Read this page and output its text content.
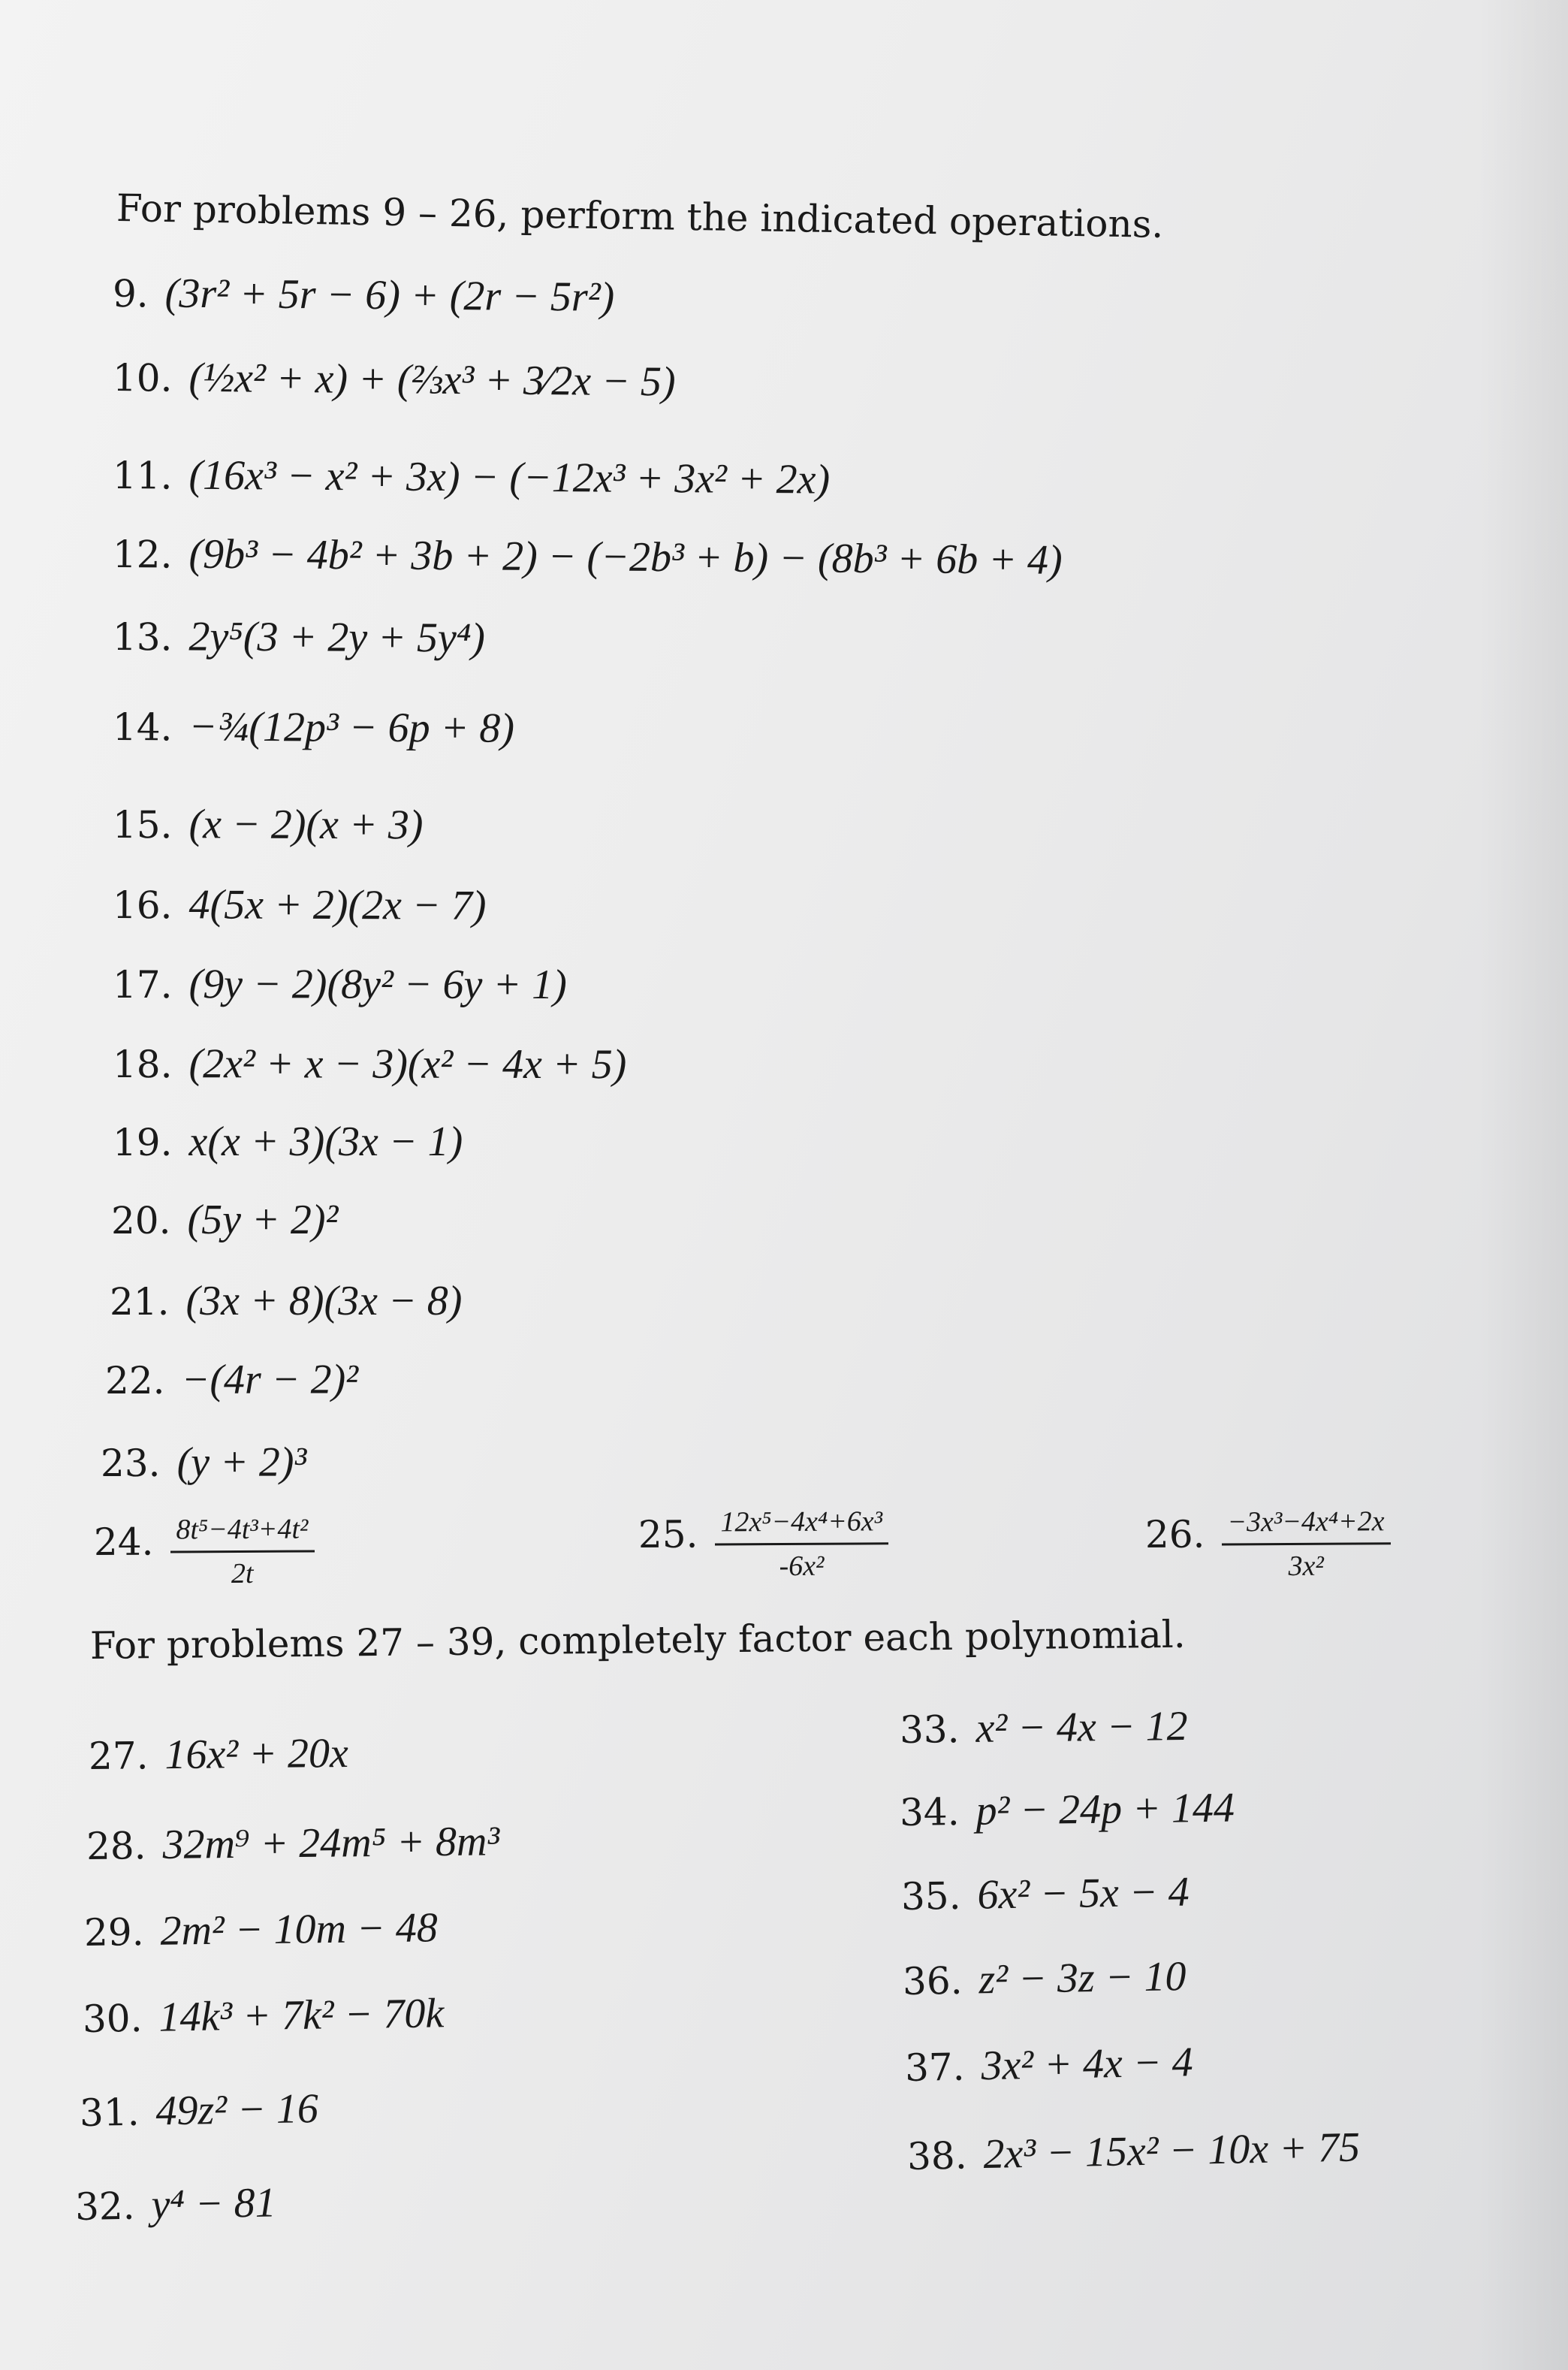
For problems 9 – 26, perform the indicated operations.
9. (3r² + 5r − 6) + (2r − 5r²)
10. (½x² + x) + (⅔x³ + 3⁄2x − 5)
11. (16x³ − x² + 3x) − (−12x³ + 3x² + 2x)
12. (9b³ − 4b² + 3b + 2) − (−2b³ + b) − (8b³ + 6b + 4)
13. 2y⁵(3 + 2y + 5y⁴)
14. −¾(12p³ − 6p + 8)
15. (x − 2)(x + 3)
16. 4(5x + 2)(2x − 7)
17. (9y − 2)(8y² − 6y + 1)
18. (2x² + x − 3)(x² − 4x + 5)
19. x(x + 3)(3x − 1)
20. (5y + 2)²
21. (3x + 8)(3x − 8)
22. −(4r − 2)²
23. (y + 2)³
24. $\frac{\text{8t⁵−4t³+4t²}}{2t}$	25. $\frac{\text{12x⁵−4x⁴+6x³}}{\text{-6x²}}$	26. $\frac{\text{−3x³−4x⁴+2x}}{\text{3x²}}$
For problems 27 – 39, completely factor each polynomial.
27. 16x² + 20x
28. 32m⁹ + 24m⁵ + 8m³
29. 2m² − 10m − 48
30. 14k³ + 7k² − 70k
31. 49z² − 16
32. y⁴ − 81
33. x² − 4x − 12
34. p² − 24p + 144
35. 6x² − 5x − 4
36. z² − 3z − 10
37. 3x² + 4x − 4
38. 2x³ − 15x² − 10x + 75
